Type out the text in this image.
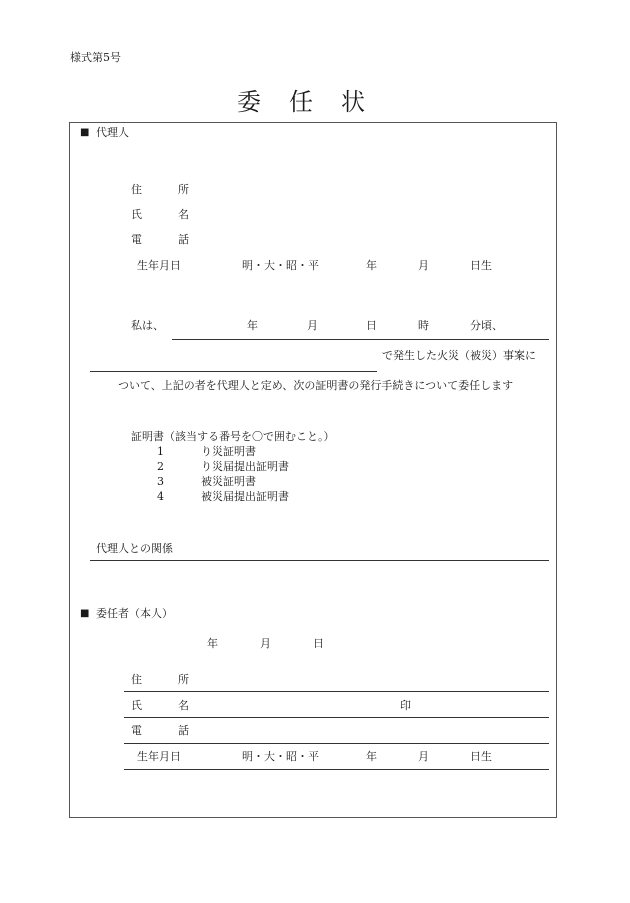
様式第5号
委 任 状
■ 代理人
住	所
氏	名
電	話
生年月日	明・大・昭・平	年	月	日生
私は、	年	月	日	時	分頃、
で発生した火災（被災）事案に
ついて、上記の者を代理人と定め、次の証明書の発行手続きについて委任します
証明書（該当する番号を〇で囲むこと。）
1	り災証明書
2	り災届提出証明書
3	被災証明書
4	被災届提出証明書
代理人との関係
■ 委任者（本人）
年	月	日
住	所
氏	名	印
電	話
生年月日	明・大・昭・平	年	月	日生
